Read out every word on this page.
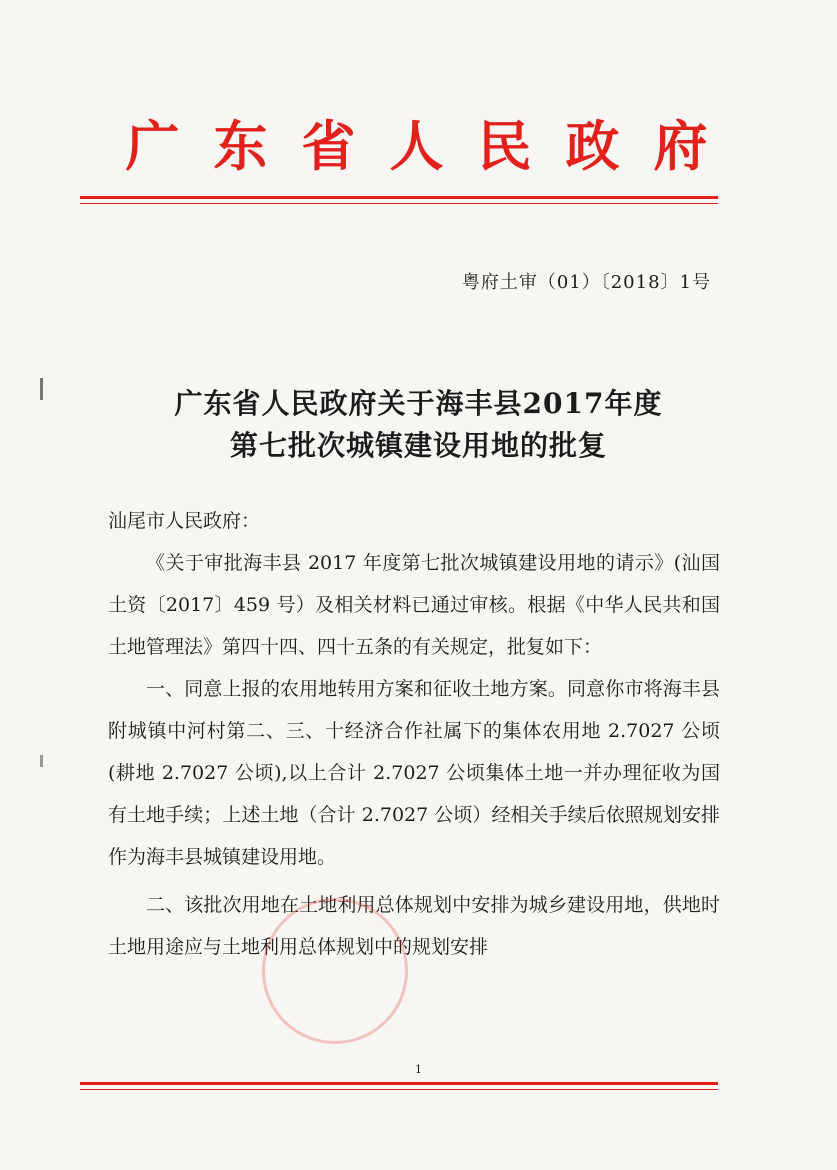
广东省人民政府
粤府土审（01）〔2018〕1号
广东省人民政府关于海丰县2017年度
第七批次城镇建设用地的批复

汕尾市人民政府：

《关于审批海丰县 2017 年度第七批次城镇建设用地的请示》(汕国土资〔2017〕459 号）及相关材料已通过审核。根据《中华人民共和国土地管理法》第四十四、四十五条的有关规定，批复如下：

一、同意上报的农用地转用方案和征收土地方案。同意你市将海丰县附城镇中河村第二、三、十经济合作社属下的集体农用地 2.7027 公顷(耕地 2.7027 公顷),以上合计 2.7027 公顷集体土地一并办理征收为国有土地手续；上述土地（合计 2.7027 公顷）经相关手续后依照规划安排作为海丰县城镇建设用地。

二、该批次用地在土地利用总体规划中安排为城乡建设用地，供地时土地用途应与土地利用总体规划中的规划安排

1
